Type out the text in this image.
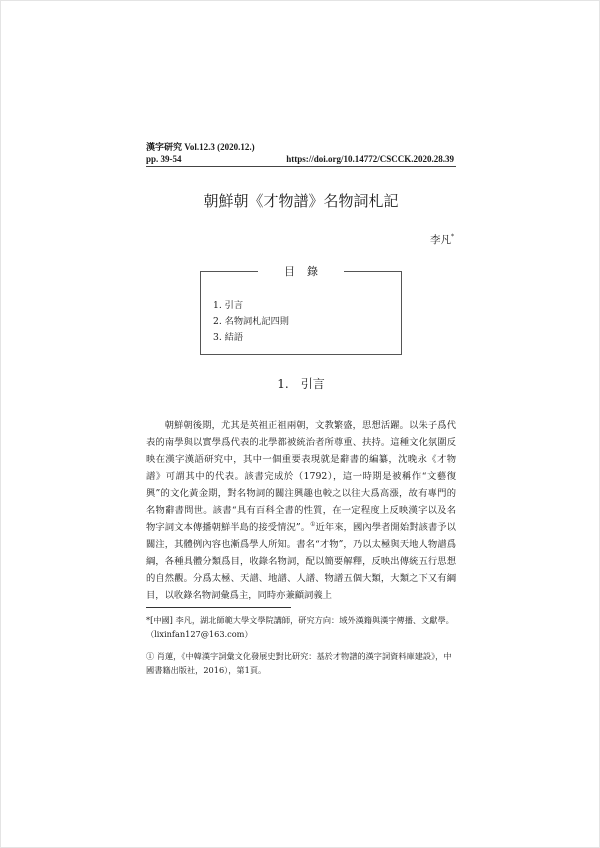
漢字研究 Vol.12.3 (2020.12.)
pp. 39-54	https://doi.org/10.14772/CSCCK.2020.28.39
朝鮮朝《才物譜》名物詞札記
李凡*
目錄
1. 引言
2. 名物詞札記四則
3. 結語
1.　引言
朝鮮朝後期，尤其是英祖正祖兩朝，文教繁盛，思想活躍。以朱子爲代表的南學與以實學爲代表的北學都被統治者所尊重、扶持。這種文化氛圍反映在漢字漢語研究中，其中一個重要表現就是辭書的編纂，沈晚永《才物譜》可謂其中的代表。該書完成於（1792），這一時期是被稱作“文藝復興”的文化黃金期，對名物詞的關注興趣也較之以往大爲高漲，故有專門的名物辭書問世。該書“具有百科全書的性質，在一定程度上反映漢字以及名物字詞文本傳播朝鮮半島的接受情況”。①近年來，國內學者開始對該書予以關注，其體例內容也漸爲學人所知。書名“才物”，乃以太極與天地人物譜爲綱，各種具體分類爲目，收錄名物詞，配以簡要解釋，反映出傳統五行思想的自然觀。分爲太極、天譜、地譜、人譜、物譜五個大類，大類之下又有綱目，以收錄名物詞彙爲主，同時亦兼顧詞義上
*[中國] 李凡，湖北師範大學文學院講師，研究方向：域外漢籍與漢字傳播、文獻學。（lixinfan127@163.com）
① 肖蓮，《中韓漢字詞彙文化發展史對比研究：基於才物譜的漢字詞資料庫建設》，中國書籍出版社，2016），第1頁。
